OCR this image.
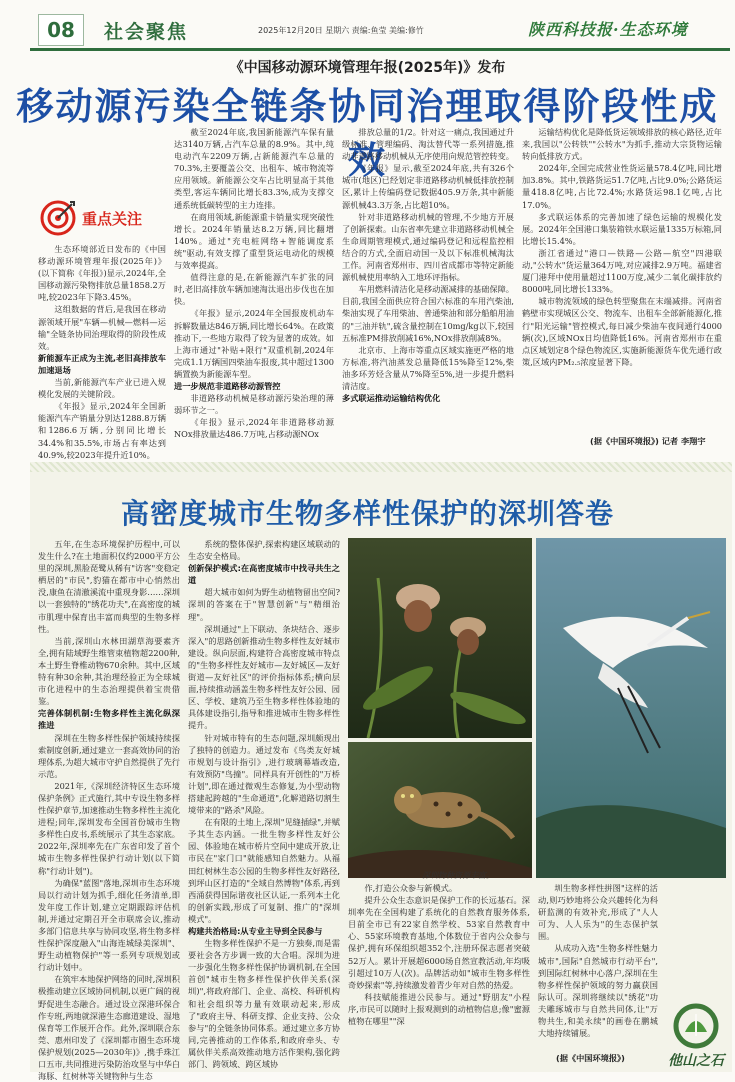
08	社会聚焦	2025年12月20日 星期六 责编:鱼莹 美编:修竹	陕西科技报·生态环境
《中国移动源环境管理年报(2025年)》发布
移动源污染全链条协同治理取得阶段性成效
重点关注

生态环境部近日发布的《中国移动源环境管理年报(2025年)》(以下简称《年报》)显示,2024年,全国移动源污染物排放总量1858.2万吨,较2023年下降3.45%。

这组数据的背后,是我国在移动源领域开展"车辆—机械—燃料—运输"全链条协同治理取得的阶段性成效。

新能源车正成为主流,老旧高排放车加速退场

当前,新能源汽车产业已进入规模化发展的关键阶段。

《年报》显示,2024年全国新能源汽车产销量分别达1288.8万辆和1286.6万辆,分别同比增长34.4%和35.5%,市场占有率达到40.9%,较2023年提升近10%。

截至2024年底,我国新能源汽车保有量达3140万辆,占汽车总量的8.9%。其中,纯电动汽车2209万辆,占新能源汽车总量的70.3%,主要覆盖公交、出租车、城市物流等应用领域。新能源公交车占比明显高于其他类型,客运车辆同比增长83.3%,成为支撑交通系统低碳转型的主力连排。

在商用领域,新能源重卡销量实现突破性增长。2024年销量达8.2万辆,同比翻增140%。通过"充电桩网络+智能调度系统"驱动,有效支撑了重型货运电动化的规模与效率提高。

值得注意的是,在新能源汽车扩张的同时,老旧高排放车辆加速淘汰退出步伐也在加快。

《年报》显示,2024年全国报废机动车拆解数量达846万辆,同比增长64%。在政策推动下,一些地方取得了较为显著的成效。如上海市通过"补贴+限行"双重机制,2024年完成1.1万辆国四柴油车报废,其中超过1300辆置换为新能源车型。

进一步规范非道路移动源管控

非道路移动机械是移动源污染治理的薄弱环节之一。

《年报》显示,2024年非道路移动源NOx排放量达486.7万吨,占移动源NOx

排放总量的1/2。针对这一痛点,我国通过升级标准、管理编码、淘汰替代等一系列措施,推动非道路移动机械从无序使用向规范管控转变。

《年报》显示,截至2024年底,共有326个城市(地区)已经划定非道路移动机械低排放控制区,累计上传编码登记数据405.9万条,其中新能源机械43.3万条,占比超10%。

针对非道路移动机械的管理,不少地方开展了创新探索。山东省率先建立非道路移动机械全生命周期管理模式,通过编码登记和远程监控相结合的方式,全面启动国一及以下标准机械淘汰工作。河南省郑州市、四川省成都市等特定新能源机械使用率纳入工地环评指标。

车用燃料清洁化是移动源减排的基础保障。目前,我国全面供应符合国六标准的车用汽柴油,柴油实现了车用柴油、普通柴油和部分船舶用油的"三油并轨",硫含量控制在10mg/kg以下,较国五标准PM排放削减16%,NOx排放削减8%。

北京市、上海市等重点区域实施更严格的地方标准,将汽油蒸发总量降低15%降至12%,柴油多环芳烃含量从7%降至5%,进一步提升燃料清洁度。

多式联运推动运输结构优化

运输结构优化是降低货运领域排放的核心路径,近年来,我国以"公转铁""公转水"为抓手,推动大宗货物运输转向低排放方式。

2024年,全国完成营业性货运量578.4亿吨,同比增加3.8%。其中,铁路货运51.7亿吨,占比9.0%;公路货运量418.8亿吨,占比72.4%;水路货运98.1亿吨,占比17.0%。

多式联运体系的完善加速了绿色运输的规模化发展。2024年全国港口集装箱铁水联运量1335万标箱,同比增长15.4%。

浙江省通过"港口—铁路—公路—航空"四港联动,"公转水"货运量364万吨,对应减排2.9万吨。福建省厦门港拜中使用量超过1100万度,减少二氧化碳排放约8000吨,同比增长133%。

城市物流领域的绿色转型聚焦在末端减排。河南省鹤壁市实现城区公交、物流车、出租车全部新能源化,推行"阳光运输"管控模式,每日减少柴油车夜间通行4000辆(次),区域NOx日均值降低16%。河南省郑州市在重点区域划定8个绿色物流区,实施新能源货车优先通行政策,区域内PM₂.₅浓度显著下降。

(据《中国环境报》) 记者 李翔宇
高密度城市生物多样性保护的深圳答卷

五年,在生态环境保护历程中,可以发生什么?在土地面积仅约2000平方公里的深圳,黑脸琵鹭从稀有"访客"变稳定栖居的"市民",豹猫在都市中心悄然出没,康鱼在清澈溪流中重现身影……深圳以一套独特的"绣花功夫",在高密度的城市肌理中保育出丰富而典型的生物多样性。

当前,深圳山水林田湖草海要素齐全,拥有陆域野生维管束植物超2200种,本土野生脊椎动物670余种。其中,区域特有种30余种,其治理经验正为全球城市化进程中的生态治理提供着宝贵借鉴。

完善体制机制:生物多样性主流化纵深推进

深圳在生物多样性保护领域持续探索制度创新,通过建立一套高效协同的治理体系,为超大城市守护自然提供了先行示范。

2021年,《深圳经济特区生态环境保护条例》正式施行,其中专设生物多样性保护章节,加速推动生物多样性主流化进程;同年,深圳发布全国首份城市生物多样性白皮书,系统展示了其生态家底。2022年,深圳率先在广东省印发了首个城市生物多样性保护行动计划(以下简称"行动计划")。

为确保"蓝图"落地,深圳市生态环境局以行动计划为抓手,细化任务清单,即发年度工作计划,建立定期跟踪评估机制,并通过定期召开全市联席会议,推动多部门信息共享与协同攻坚,将生物多样性保护深度融入"山海连城绿美深圳"、野生动植物保护"等一系列专项规划或行动计划中。

在筑牢本地保护网络的同时,深圳积极推动建立区域协同机制,以更广阔的视野促进生态融合。通过设立深港环保合作专班,两地就深港生态廊道建设、湿地保育等工作展开合作。此外,深圳联合东莞、惠州印发了《深圳都市圈生态环境保护规划(2025—2030年)》,携手珠江口五市,共同推进污染防治攻坚与中华白海豚、红树林等关键物种与生态

系统的整体保护,探索构建区域联动的生态安全格局。

创新保护模式:在高密度城市中找寻共生之道

超大城市如何为野生动植物留出空间?深圳的答案在于"智慧创新"与"精细治理"。

深圳通过"上下联动、条块结合、逐步深入"的思路创新推动生物多样性友好城市建设。纵向层面,构建符合高密度城市特点的"生物多样性友好城市—友好城区—友好街道—友好社区"的评价指标体系;横向层面,持续推动涵盖生物多样性友好公园、园区、学校、建筑乃至生物多样性体验地的具体建设指引,指导和推进城市生物多样性提升。

针对城市特有的生态问题,深圳颇现出了独特的创造力。通过发布《鸟类友好城市规划与设计指引》,进行玻璃幕墙改造,有效预防"鸟撞"。同样具有开创性的"万桥计划",即在通过微观生态修复,为小型动物搭建起跨越的"生命通道",化解道路切割生境带来的"路杀"风险。

在有限的土地上,深圳"见缝插绿",并赋予其生态内涵。一批生物多样性友好公园、体验地在城市桥片空间中建成开放,让市民在"家门口"就能感知自然魅力。从福田红树林生态公园的生物多样性友好路径,到坪山区打造的"全域自然博物"体系,再到西涌获得国际谐夜社区认证,一系列本土化的创新实践,形成了可复制、推广的"深圳模式"。

构建共治格局:从专业主导到全民参与

生物多样性保护不是一方独奏,而是需要社会各方步调一致的大合唱。深圳为进一步强化生物多样性保护协调机制,在全国首创"城市生物多样性保护伙伴关系(深圳)",将政府部门、企业、高校、科研机构和社会组织等力量有效联动起来,形成了"政府主导、科研支撑、企业支持、公众参与"的全链条协同体系。通过建立多方协同,完善推动的工作体系,和政府牵头、专属伙伴关系高效推动地方活作架构,强化跨部门、跨领域、跨区域协

深圳物种资源丰富。

作,打造公众参与新模式。

提升公众生态意识是保护工作的长远基石。深圳率先在全国构建了系统化的自然教育服务体系,目前全市已有22家自然学校、53家自然教育中心、55家环境教育基地,个体数位于省内公众参与保护,拥有环保组织超352个,注册环保志愿者突破52万人。累计开展超6000场自然宣教活动,年均吸引超过10万人(次)。品牌活动如"城市生物多样性奇妙探索"等,持续激发着青少年对自然的热爱。

科技赋能推进公民参与。通过"野朋友"小程序,市民可以随时上报观测到的动植物信息;像"蜜源植物在哪里""深

圳生物多样性拼图"这样的活动,则巧妙地将公众兴趣转化为科研监测的有效补充,形成了"人人可为、人人乐为"的生态保护氛围。

从成功入选"生物多样性魅力城市",国际"自然城市行动平台",到国际红树林中心落户,深圳在生物多样性保护领域的努力赢获国际认可。深圳将继续以"绣花"功夫雕琢城市与自然共同体,让"万物共生,和美永续"的画卷在鹏城大地持续铺展。

(据《中国环境报》)	他山之石
